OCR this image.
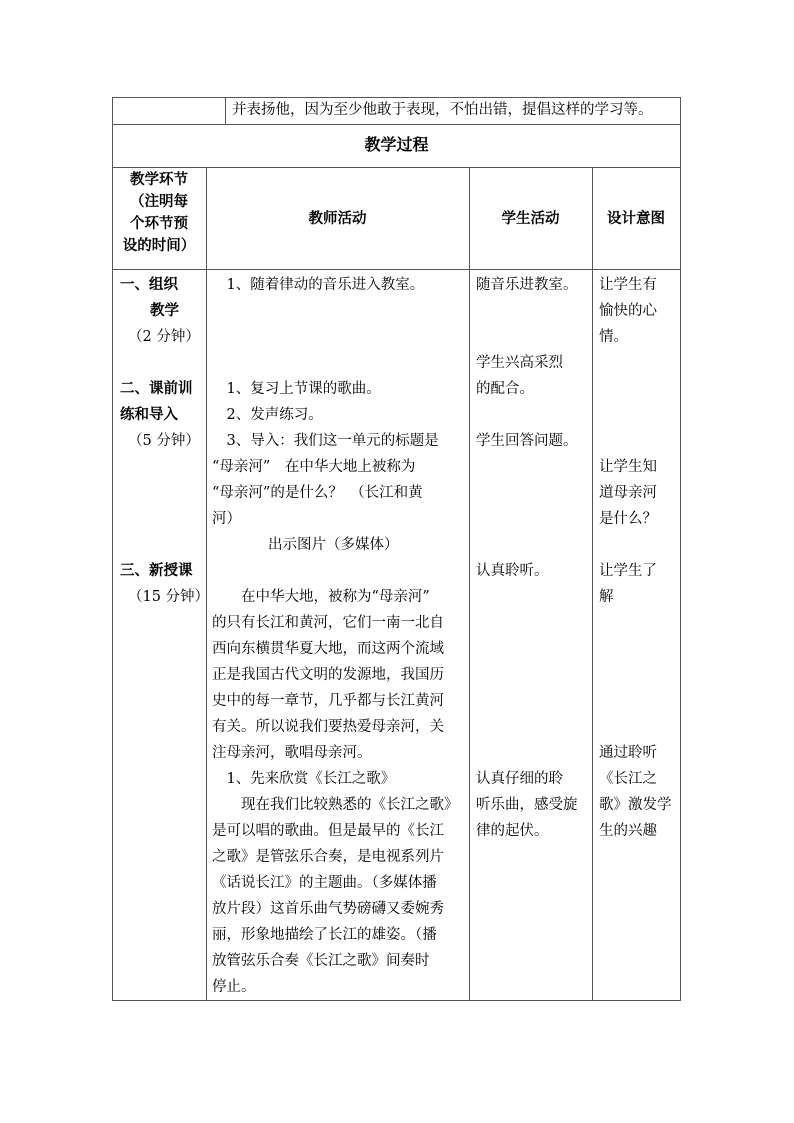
并表扬他，因为至少他敢于表现，不怕出错，提倡这样的学习等。
教学过程
教学环节
（注明每
个环节预
设的时间）
教师活动	学生活动	设计意图
一、组织
教学
（2 分钟）
二、课前训
练和导入
（5 分钟）
三、新授课
（15 分钟）
　1、随着律动的音乐进入教室。
　1、复习上节课的歌曲。
　2、发声练习。
　3、导入：我们这一单元的标题是
“母亲河”　在中华大地上被称为
“母亲河”的是什么？　（长江和黄
河）
出示图片（多媒体）
　　在中华大地，被称为“母亲河”
的只有长江和黄河，它们一南一北自
西向东横贯华夏大地，而这两个流域
正是我国古代文明的发源地，我国历
史中的每一章节，几乎都与长江黄河
有关。所以说我们要热爱母亲河，关
注母亲河，歌唱母亲河。
　1、先来欣赏《长江之歌》
　　现在我们比较熟悉的《长江之歌》
是可以唱的歌曲。但是最早的《长江
之歌》是管弦乐合奏，是电视系列片
《话说长江》的主题曲。（多媒体播
放片段）这首乐曲气势磅礴又委婉秀
丽，形象地描绘了长江的雄姿。（播
放管弦乐合奏《长江之歌》间奏时
停止。
随音乐进教室。
学生兴高采烈
的配合。
学生回答问题。
认真聆听。
认真仔细的聆
听乐曲，感受旋
律的起伏。
让学生有
愉快的心
情。
让学生知
道母亲河
是什么？
让学生了
解
通过聆听
《长江之
歌》激发学
生的兴趣
